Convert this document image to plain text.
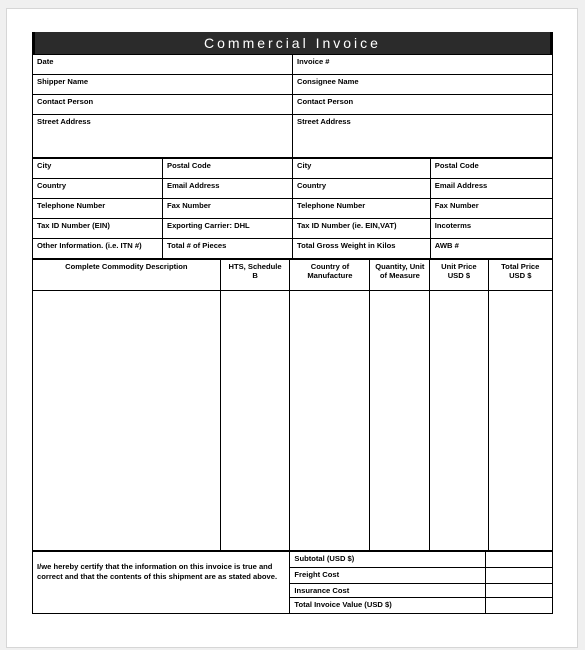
Commercial Invoice
Date	Invoice #
Shipper Name	Consignee Name
Contact Person	Contact Person
Street Address	Street Address
City	Postal Code	City	Postal Code
Country	Email Address	Country	Email Address
Telephone Number	Fax Number	Telephone Number	Fax Number
Tax ID Number (EIN)	Exporting Carrier: DHL	Tax ID Number (ie. EIN,VAT)	Incoterms
Other Information. (i.e. ITN #)	Total # of Pieces	Total Gross Weight in Kilos	AWB #
Complete Commodity Description	HTS, Schedule B	Country of Manufacture	Quantity, Unit of Measure	Unit Price USD $	Total Price USD $

I/we hereby certify that the information on this invoice is true and correct and that the contents of this shipment are as stated above.	Subtotal (USD $)	
	Freight Cost	
	Insurance Cost	
	Total Invoice Value (USD $)	
